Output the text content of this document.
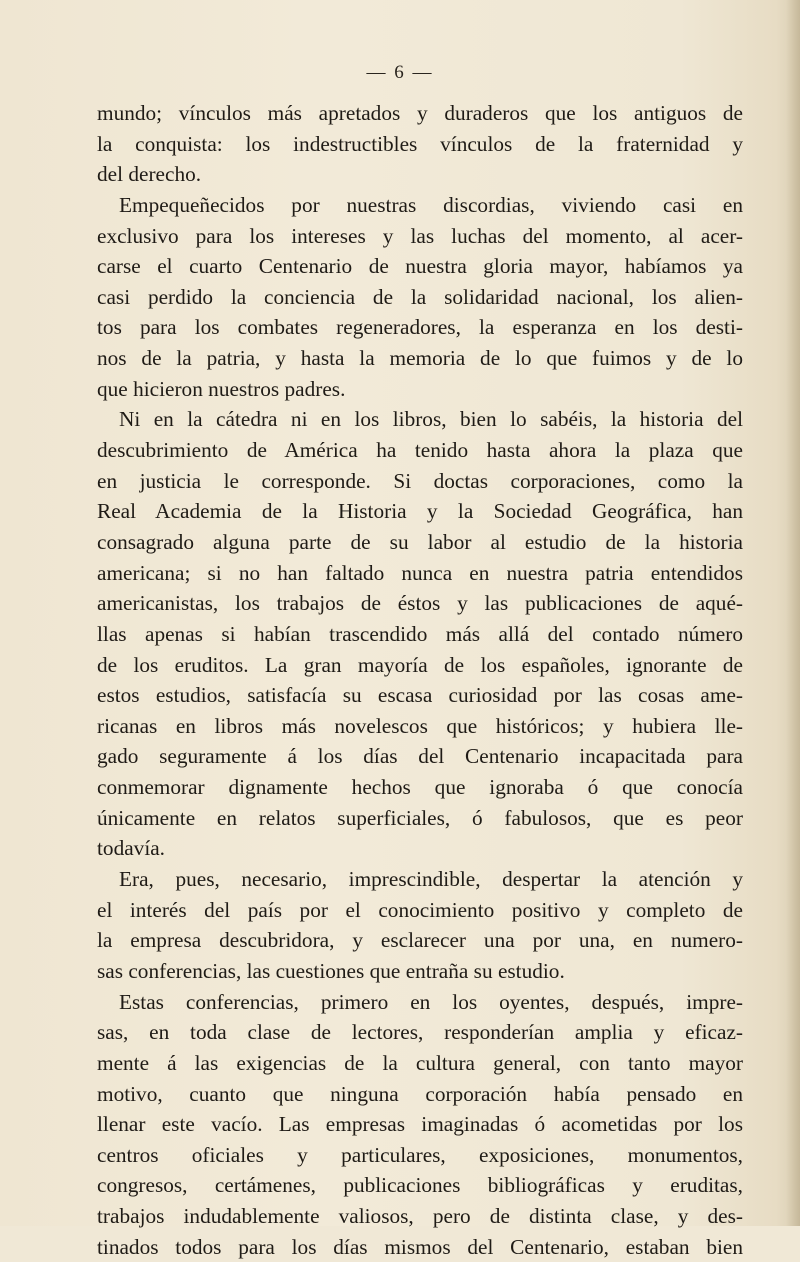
— 6 —
mundo; vínculos más apretados y duraderos que los antiguos de
la conquista: los indestructibles vínculos de la fraternidad y
del derecho.
Empequeñecidos por nuestras discordias, viviendo casi en
exclusivo para los intereses y las luchas del momento, al acer-
carse el cuarto Centenario de nuestra gloria mayor, habíamos ya
casi perdido la conciencia de la solidaridad nacional, los alien-
tos para los combates regeneradores, la esperanza en los desti-
nos de la patria, y hasta la memoria de lo que fuimos y de lo
que hicieron nuestros padres.
Ni en la cátedra ni en los libros, bien lo sabéis, la historia del
descubrimiento de América ha tenido hasta ahora la plaza que
en justicia le corresponde. Si doctas corporaciones, como la
Real Academia de la Historia y la Sociedad Geográfica, han
consagrado alguna parte de su labor al estudio de la historia
americana; si no han faltado nunca en nuestra patria entendidos
americanistas, los trabajos de éstos y las publicaciones de aqué-
llas apenas si habían trascendido más allá del contado número
de los eruditos. La gran mayoría de los españoles, ignorante de
estos estudios, satisfacía su escasa curiosidad por las cosas ame-
ricanas en libros más novelescos que históricos; y hubiera lle-
gado seguramente á los días del Centenario incapacitada para
conmemorar dignamente hechos que ignoraba ó que conocía
únicamente en relatos superficiales, ó fabulosos, que es peor
todavía.
Era, pues, necesario, imprescindible, despertar la atención y
el interés del país por el conocimiento positivo y completo de
la empresa descubridora, y esclarecer una por una, en numero-
sas conferencias, las cuestiones que entraña su estudio.
Estas conferencias, primero en los oyentes, después, impre-
sas, en toda clase de lectores, responderían amplia y eficaz-
mente á las exigencias de la cultura general, con tanto mayor
motivo, cuanto que ninguna corporación había pensado en
llenar este vacío. Las empresas imaginadas ó acometidas por los
centros oficiales y particulares, exposiciones, monumentos,
congresos, certámenes, publicaciones bibliográficas y eruditas,
trabajos indudablemente valiosos, pero de distinta clase, y des-
tinados todos para los días mismos del Centenario, estaban bien
